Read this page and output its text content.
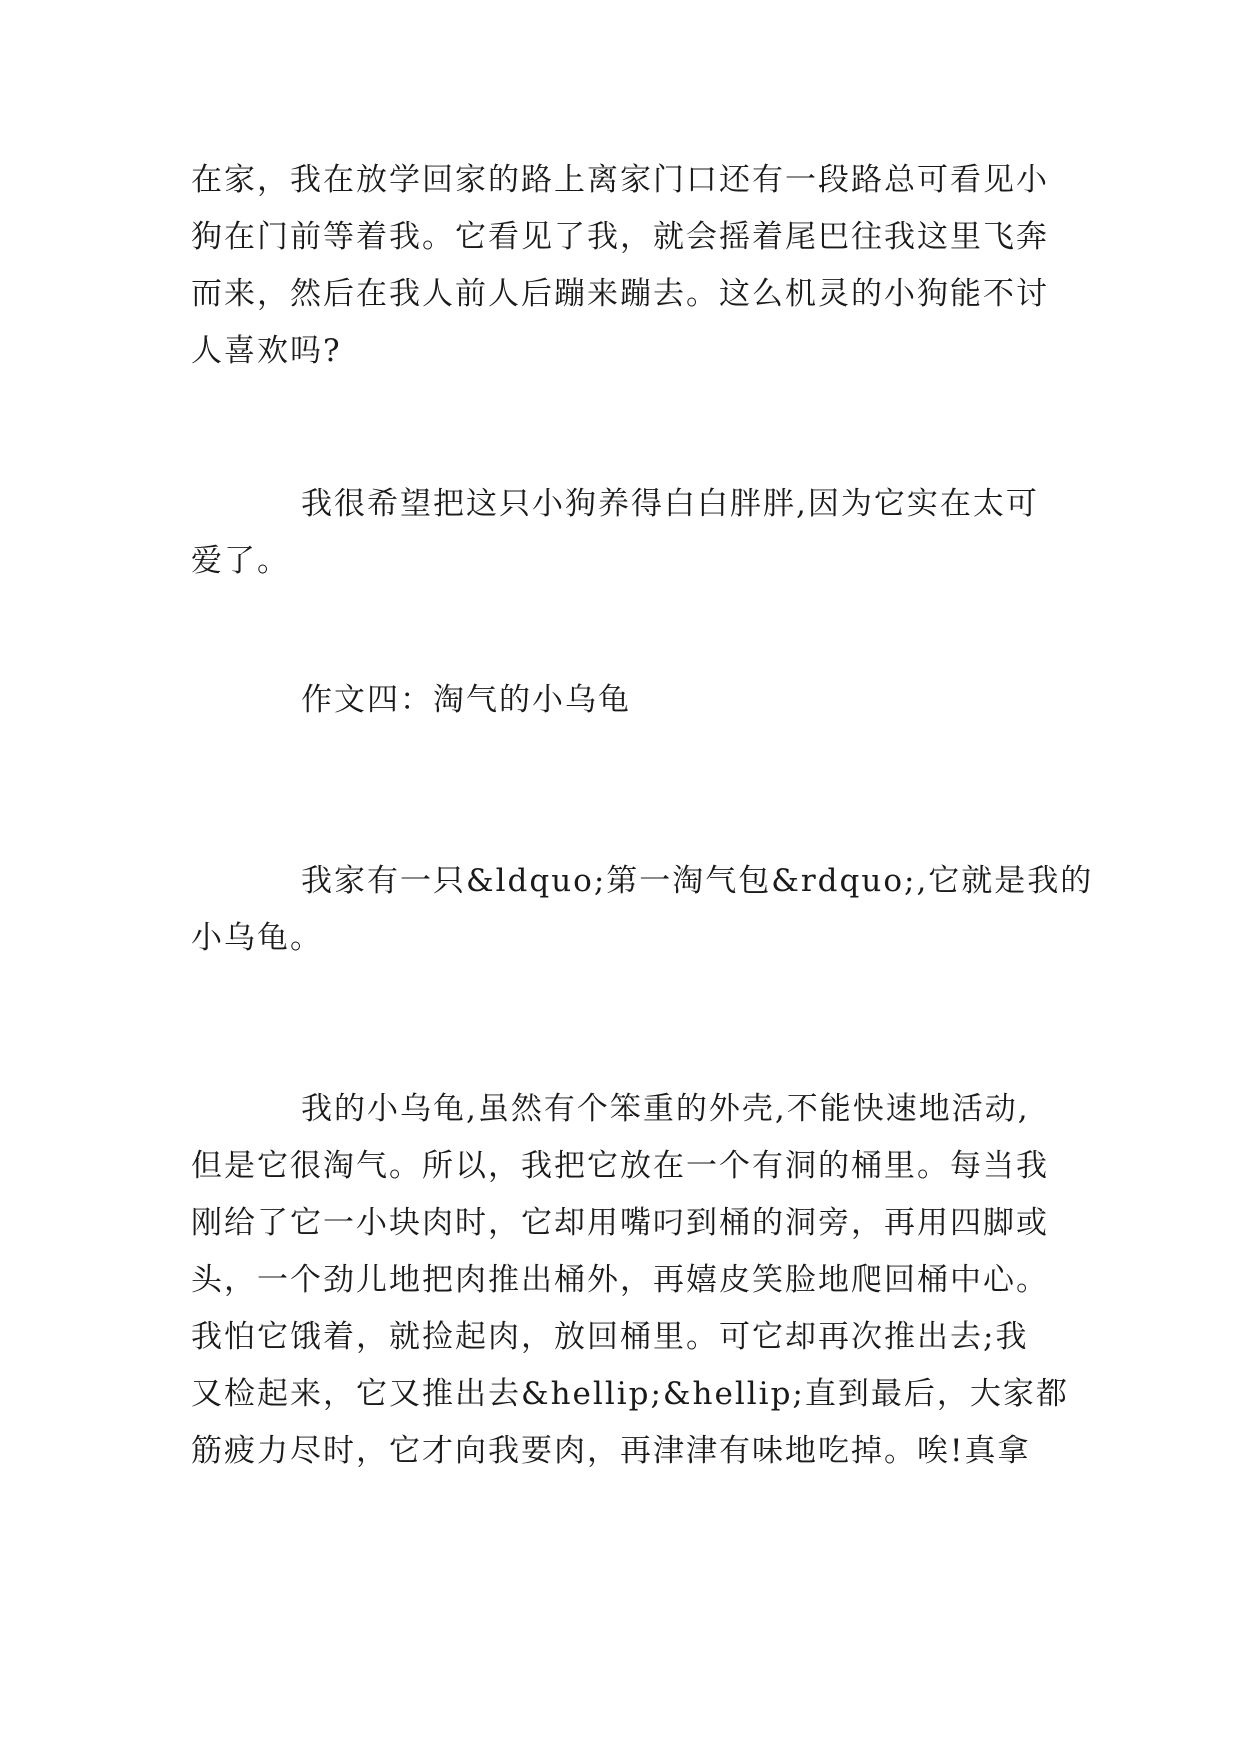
在家，我在放学回家的路上离家门口还有一段路总可看见小
狗在门前等着我。它看见了我，就会摇着尾巴往我这里飞奔
而来，然后在我人前人后蹦来蹦去。这么机灵的小狗能不讨
人喜欢吗?

我很希望把这只小狗养得白白胖胖,因为它实在太可
爱了。

作文四：淘气的小乌龟

我家有一只&ldquo;第一淘气包&rdquo;,它就是我的
小乌龟。

我的小乌龟,虽然有个笨重的外壳,不能快速地活动,
但是它很淘气。所以，我把它放在一个有洞的桶里。每当我
刚给了它一小块肉时，它却用嘴叼到桶的洞旁，再用四脚或
头，一个劲儿地把肉推出桶外，再嬉皮笑脸地爬回桶中心。
我怕它饿着，就捡起肉，放回桶里。可它却再次推出去;我
又检起来，它又推出去&hellip;&hellip;直到最后，大家都
筋疲力尽时，它才向我要肉，再津津有味地吃掉。唉!真拿
